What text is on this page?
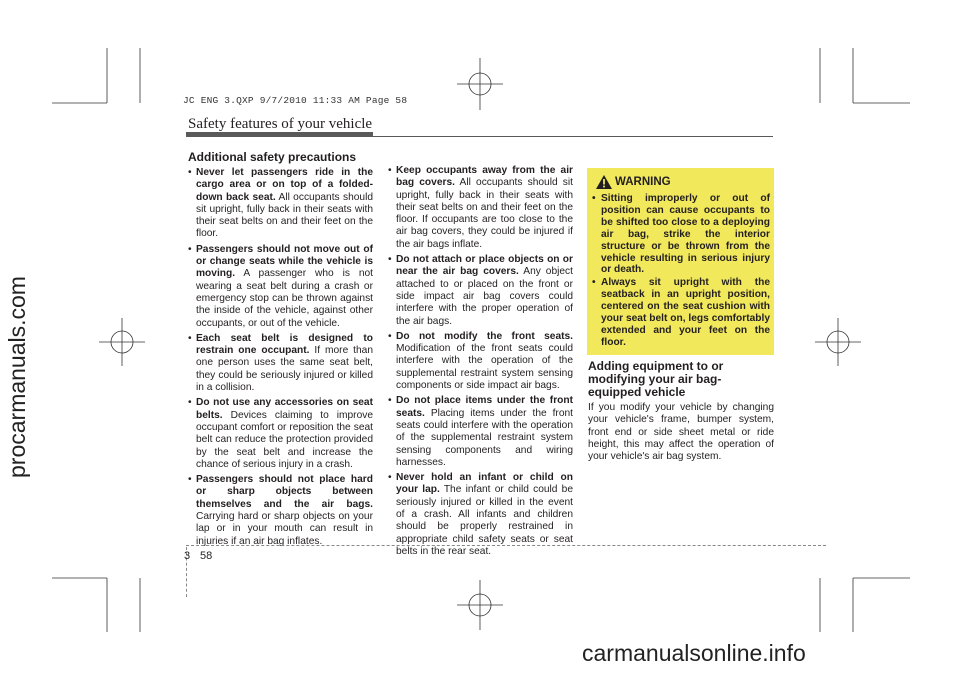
JC ENG 3.QXP 9/7/2010 11:33 AM Page 58
procarmanuals.com
carmanualsonline.info
Safety features of your vehicle
Additional safety precautions
• Never let passengers ride in the cargo area or on top of a folded-down back seat. All occupants should sit upright, fully back in their seats with their seat belts on and their feet on the floor.
• Passengers should not move out of or change seats while the vehicle is moving. A passenger who is not wearing a seat belt during a crash or emergency stop can be thrown against the inside of the vehicle, against other occupants, or out of the vehicle.
• Each seat belt is designed to restrain one occupant. If more than one person uses the same seat belt, they could be seriously injured or killed in a collision.
• Do not use any accessories on seat belts. Devices claiming to improve occupant comfort or reposition the seat belt can reduce the protection provided by the seat belt and increase the chance of serious injury in a crash.
• Passengers should not place hard or sharp objects between themselves and the air bags. Carrying hard or sharp objects on your lap or in your mouth can result in injuries if an air bag inflates.
• Keep occupants away from the air bag covers. All occupants should sit upright, fully back in their seats with their seat belts on and their feet on the floor. If occupants are too close to the air bag covers, they could be injured if the air bags inflate.
• Do not attach or place objects on or near the air bag covers. Any object attached to or placed on the front or side impact air bag covers could interfere with the proper operation of the air bags.
• Do not modify the front seats. Modification of the front seats could interfere with the operation of the supplemental restraint system sensing components or side impact air bags.
• Do not place items under the front seats. Placing items under the front seats could interfere with the operation of the supplemental restraint system sensing components and wiring harnesses.
• Never hold an infant or child on your lap. The infant or child could be seriously injured or killed in the event of a crash. All infants and children should be properly restrained in appropriate child safety seats or seat belts in the rear seat.
WARNING
• Sitting improperly or out of position can cause occupants to be shifted too close to a deploying air bag, strike the interior structure or be thrown from the vehicle resulting in serious injury or death.
• Always sit upright with the seatback in an upright position, centered on the seat cushion with your seat belt on, legs comfortably extended and your feet on the floor.
Adding equipment to or modifying your air bag-equipped vehicle

If you modify your vehicle by changing your vehicle's frame, bumper system, front end or side sheet metal or ride height, this may affect the operation of your vehicle's air bag system.

3 58
